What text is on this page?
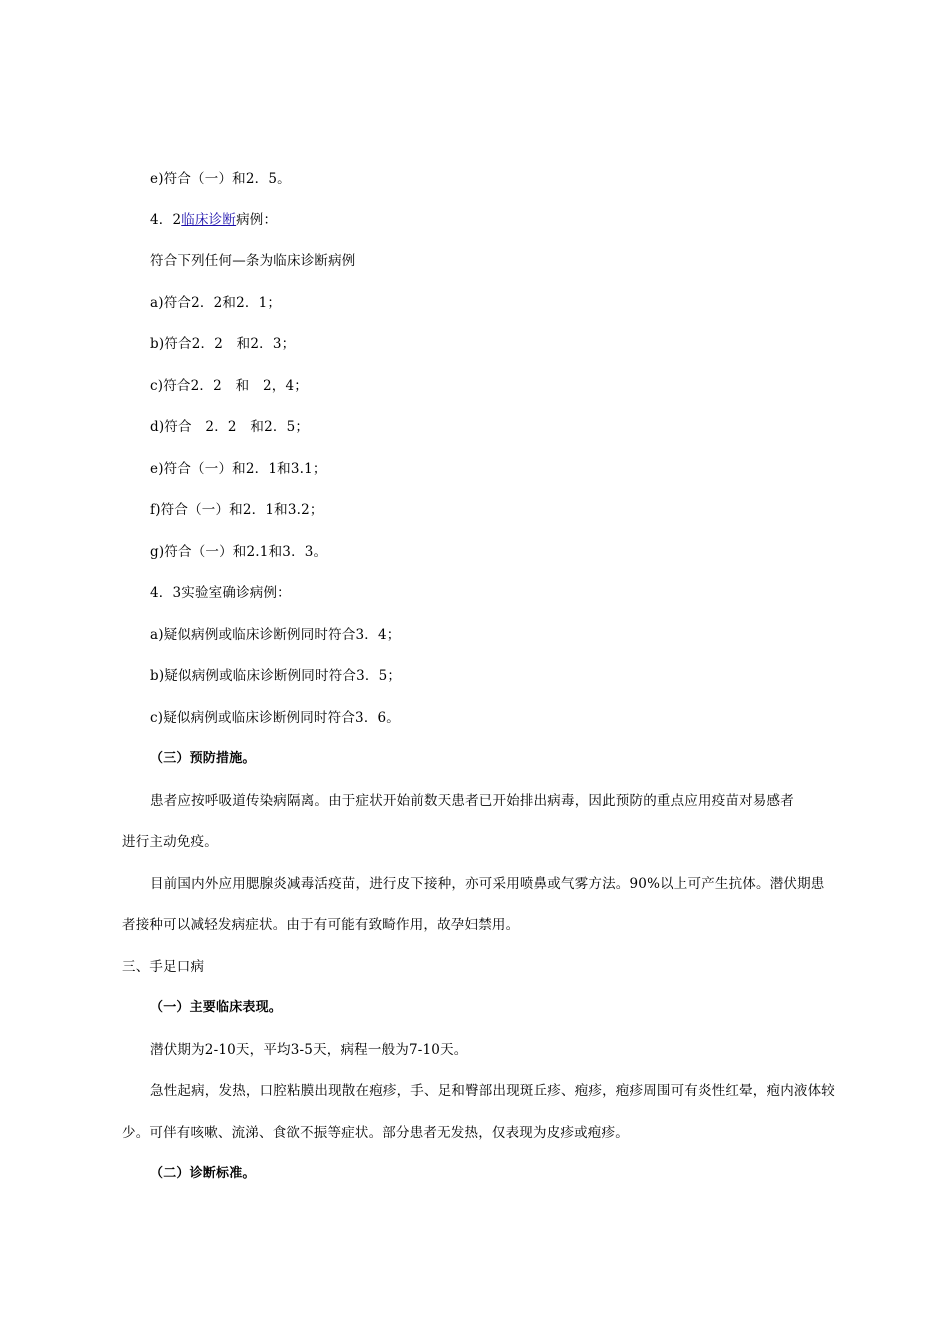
e)符合（一）和2．5。
4．2临床诊断病例：
符合下列任何—条为临床诊断病例
a)符合2．2和2．1；
b)符合2．2　和2．3；
c)符合2．2　和　2，4；
d)符合　2．2　和2．5；
e)符合（一）和2．1和3.1；
f)符合（一）和2．1和3.2；
g)符合（一）和2.1和3．3。
4．3实验室确诊病例：
a)疑似病例或临床诊断例同时符合3．4；
b)疑似病例或临床诊断例同时符合3．5；
c)疑似病例或临床诊断例同时符合3．6。
（三）预防措施。
患者应按呼吸道传染病隔离。由于症状开始前数天患者已开始排出病毒，因此预防的重点应用疫苗对易感者
进行主动免疫。
目前国内外应用腮腺炎减毒活疫苗，进行皮下接种，亦可采用喷鼻或气雾方法。90%以上可产生抗体。潜伏期患
者接种可以减轻发病症状。由于有可能有致畸作用，故孕妇禁用。
三、手足口病
（一）主要临床表现。
潜伏期为2-10天，平均3-5天，病程一般为7-10天。
急性起病，发热，口腔粘膜出现散在疱疹，手、足和臀部出现斑丘疹、疱疹，疱疹周围可有炎性红晕，疱内液体较
少。可伴有咳嗽、流涕、食欲不振等症状。部分患者无发热，仅表现为皮疹或疱疹。
（二）诊断标准。
